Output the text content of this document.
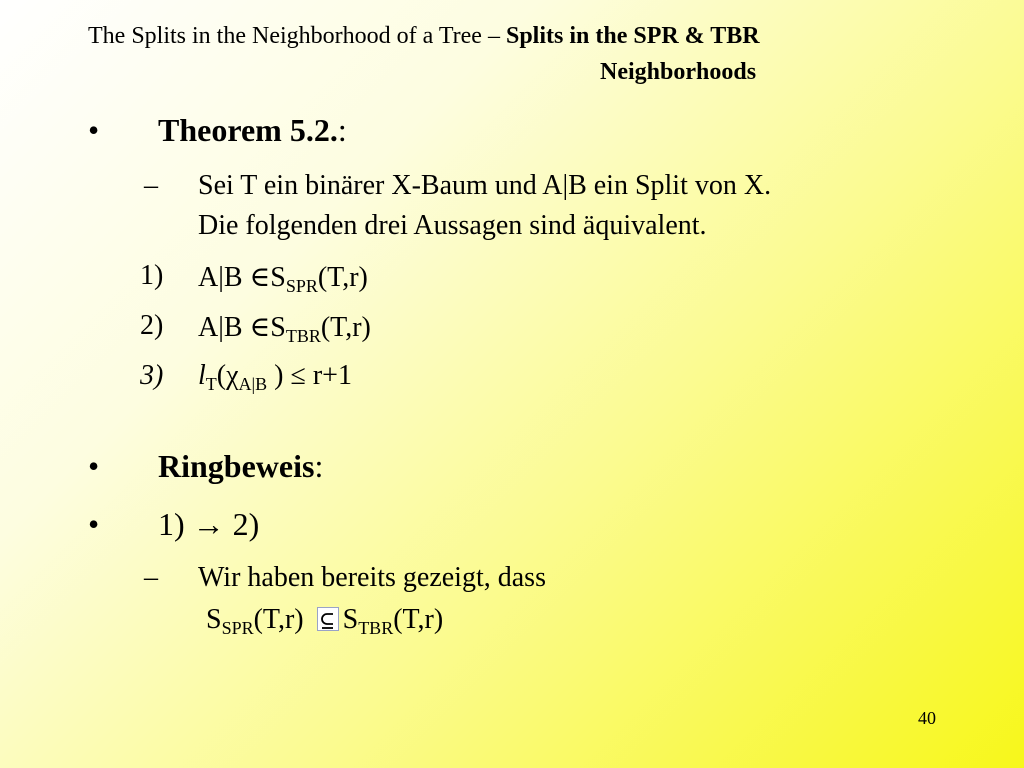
The Splits in the Neighborhood of a Tree – Splits in the SPR & TBR
Neighborhoods
• Theorem 5.2.:
– Sei T ein binärer X-Baum und A|B ein Split von X.
Die folgenden drei Aussagen sind äquivalent.
1) A|B $\in S_{SPR}(T,r)$
2) A|B $\in S_{TBR}(T,r)$
3) $l_T(\chi_{A|B}$ ) ≤ r+1
• Ringbeweis:
• 1) → 2)
– Wir haben bereits gezeigt, dass
$S_{SPR}(T,r)$ $S_{TBR}(T,r)$
40
